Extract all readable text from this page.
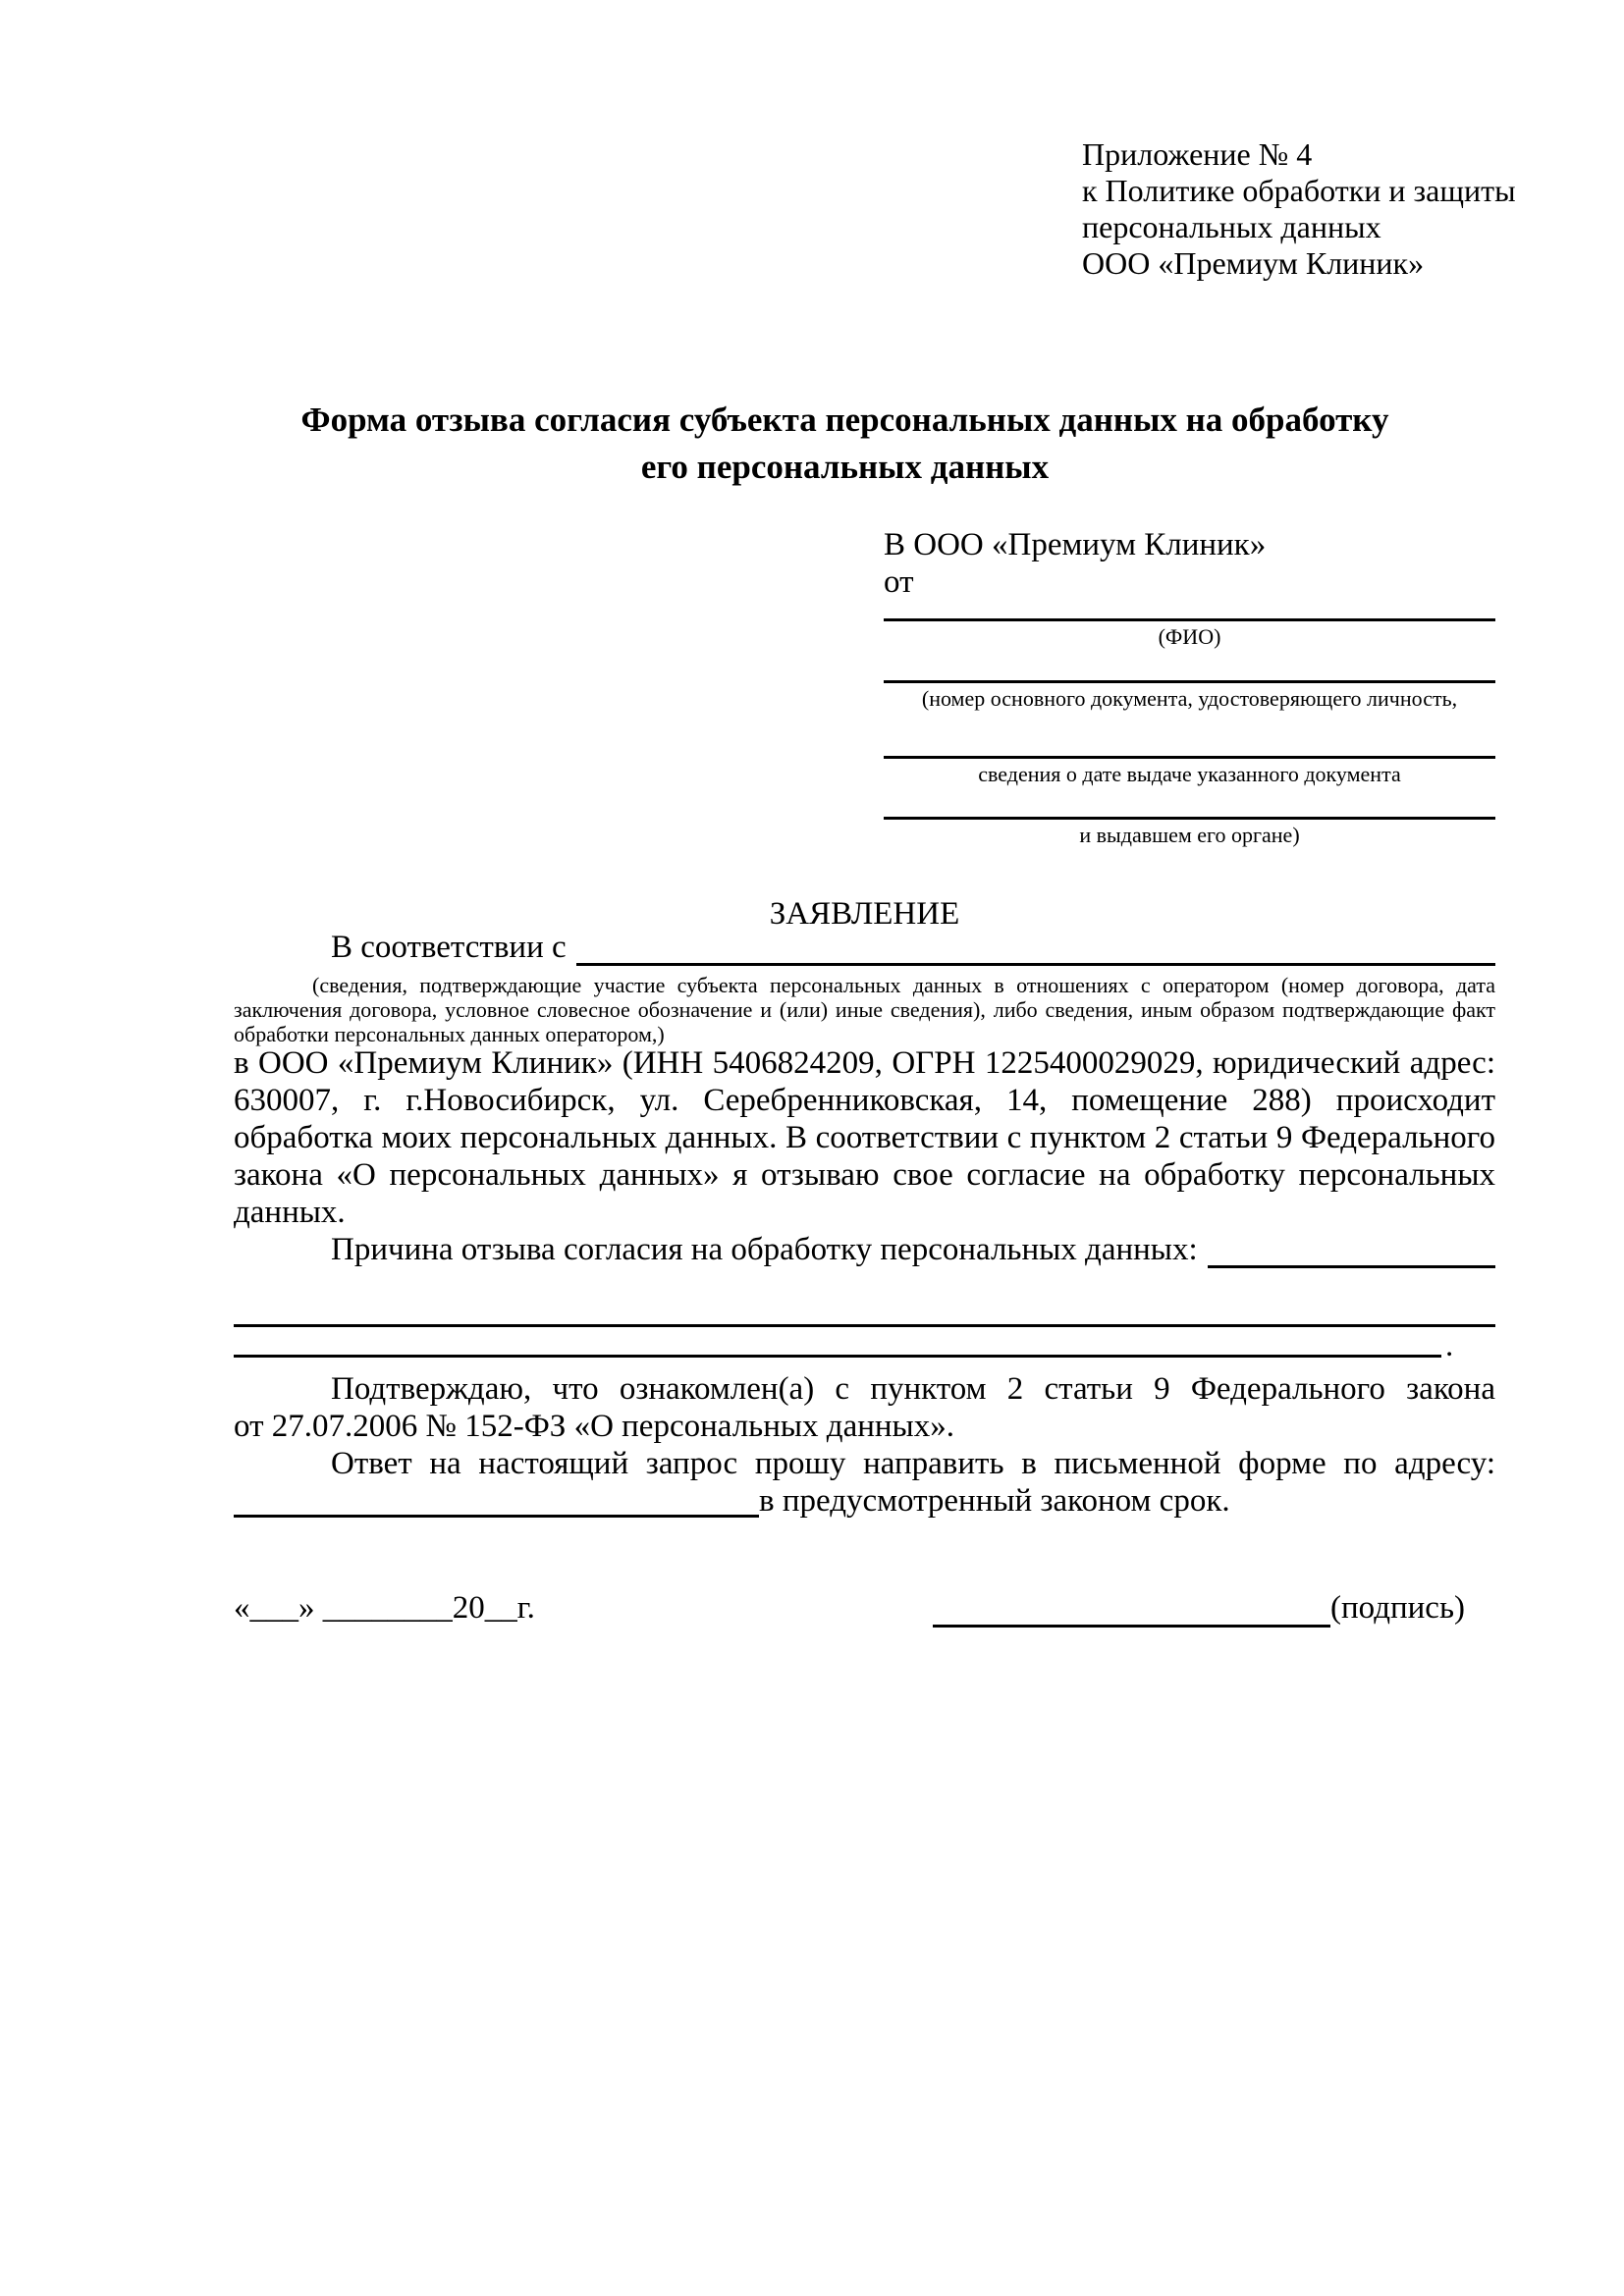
Приложение № 4
к Политике обработки и защиты
персональных данных
ООО «Премиум Клиник»
Форма отзыва согласия субъекта персональных данных на обработку
его персональных данных
В ООО «Премиум Клиник»
от
(ФИО)
(номер основного документа, удостоверяющего личность,
сведения о дате выдаче указанного документа
и выдавшем его органе)
ЗАЯВЛЕНИЕ
В соответствии с
(сведения, подтверждающие участие субъекта персональных данных в отношениях с оператором (номер договора, дата заключения договора, условное словесное обозначение и (или) иные сведения), либо сведения, иным образом подтверждающие факт обработки персональных данных оператором,)
в ООО «Премиум Клиник» (ИНН 5406824209, ОГРН 1225400029029, юридический адрес: 630007, г. г.Новосибирск, ул. Серебренниковская, 14, помещение 288) происходит обработка моих персональных данных. В соответствии с пунктом 2 статьи 9 Федерального закона «О персональных данных» я отзываю свое согласие на обработку персональных данных.
Причина отзыва согласия на обработку персональных данных:
.
Подтверждаю, что ознакомлен(а) с пунктом 2 статьи 9 Федерального закона
от 27.07.2006 № 152-ФЗ «О персональных данных».
Ответ на настоящий запрос прошу направить в письменной форме по адресу:
в предусмотренный законом срок.
«___» ________20__г.	(подпись)
